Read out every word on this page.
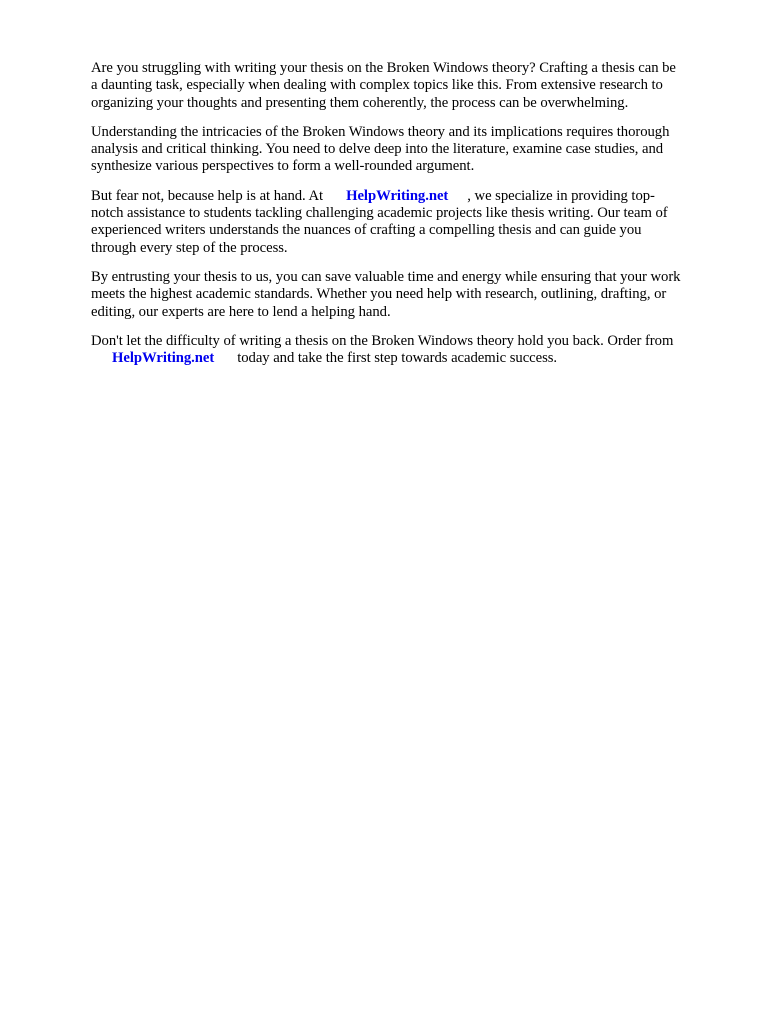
Are you struggling with writing your thesis on the Broken Windows theory? Crafting a thesis can be
a daunting task, especially when dealing with complex topics like this. From extensive research to
organizing your thoughts and presenting them coherently, the process can be overwhelming.

Understanding the intricacies of the Broken Windows theory and its implications requires thorough
analysis and critical thinking. You need to delve deep into the literature, examine case studies, and
synthesize various perspectives to form a well-rounded argument.

But fear not, because help is at hand. At HelpWriting.net , we specialize in providing top-
notch assistance to students tackling challenging academic projects like thesis writing. Our team of
experienced writers understands the nuances of crafting a compelling thesis and can guide you
through every step of the process.

By entrusting your thesis to us, you can save valuable time and energy while ensuring that your work
meets the highest academic standards. Whether you need help with research, outlining, drafting, or
editing, our experts are here to lend a helping hand.

Don't let the difficulty of writing a thesis on the Broken Windows theory hold you back. Order from
HelpWriting.net today and take the first step towards academic success.
